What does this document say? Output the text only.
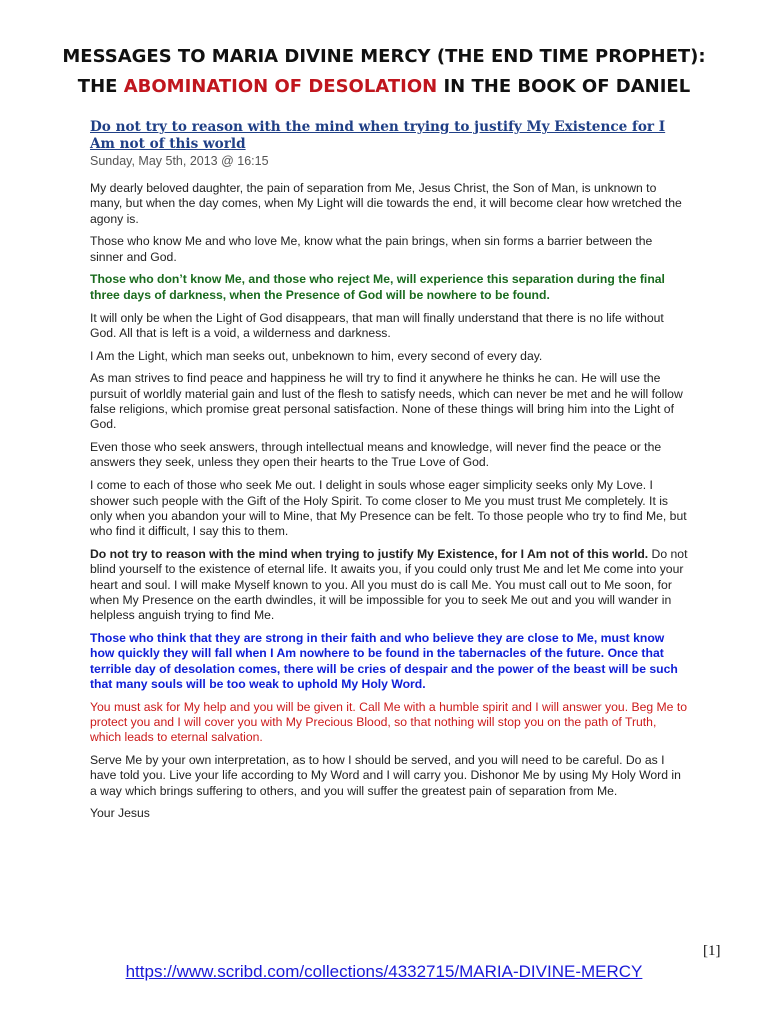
MESSAGES TO MARIA DIVINE MERCY (THE END TIME PROPHET):
THE ABOMINATION OF DESOLATION IN THE BOOK OF DANIEL
Do not try to reason with the mind when trying to justify My Existence for I Am not of this world
Sunday, May 5th, 2013 @ 16:15

My dearly beloved daughter, the pain of separation from Me, Jesus Christ, the Son of Man, is unknown to many, but when the day comes, when My Light will die towards the end, it will become clear how wretched the agony is.

Those who know Me and who love Me, know what the pain brings, when sin forms a barrier between the sinner and God.

Those who don’t know Me, and those who reject Me, will experience this separation during the final three days of darkness, when the Presence of God will be nowhere to be found.

It will only be when the Light of God disappears, that man will finally understand that there is no life without God. All that is left is a void, a wilderness and darkness.

I Am the Light, which man seeks out, unbeknown to him, every second of every day.

As man strives to find peace and happiness he will try to find it anywhere he thinks he can. He will use the pursuit of worldly material gain and lust of the flesh to satisfy needs, which can never be met and he will follow false religions, which promise great personal satisfaction. None of these things will bring him into the Light of God.

Even those who seek answers, through intellectual means and knowledge, will never find the peace or the answers they seek, unless they open their hearts to the True Love of God.

I come to each of those who seek Me out. I delight in souls whose eager simplicity seeks only My Love. I shower such people with the Gift of the Holy Spirit. To come closer to Me you must trust Me completely. It is only when you abandon your will to Mine, that My Presence can be felt. To those people who try to find Me, but who find it difficult, I say this to them.

Do not try to reason with the mind when trying to justify My Existence, for I Am not of this world. Do not blind yourself to the existence of eternal life. It awaits you, if you could only trust Me and let Me come into your heart and soul. I will make Myself known to you. All you must do is call Me. You must call out to Me soon, for when My Presence on the earth dwindles, it will be impossible for you to seek Me out and you will wander in helpless anguish trying to find Me.

Those who think that they are strong in their faith and who believe they are close to Me, must know how quickly they will fall when I Am nowhere to be found in the tabernacles of the future. Once that terrible day of desolation comes, there will be cries of despair and the power of the beast will be such that many souls will be too weak to uphold My Holy Word.

You must ask for My help and you will be given it. Call Me with a humble spirit and I will answer you. Beg Me to protect you and I will cover you with My Precious Blood, so that nothing will stop you on the path of Truth, which leads to eternal salvation.

Serve Me by your own interpretation, as to how I should be served, and you will need to be careful. Do as I have told you. Live your life according to My Word and I will carry you. Dishonor Me by using My Holy Word in a way which brings suffering to others, and you will suffer the greatest pain of separation from Me.

Your Jesus

[1]
https://www.scribd.com/collections/4332715/MARIA-DIVINE-MERCY
